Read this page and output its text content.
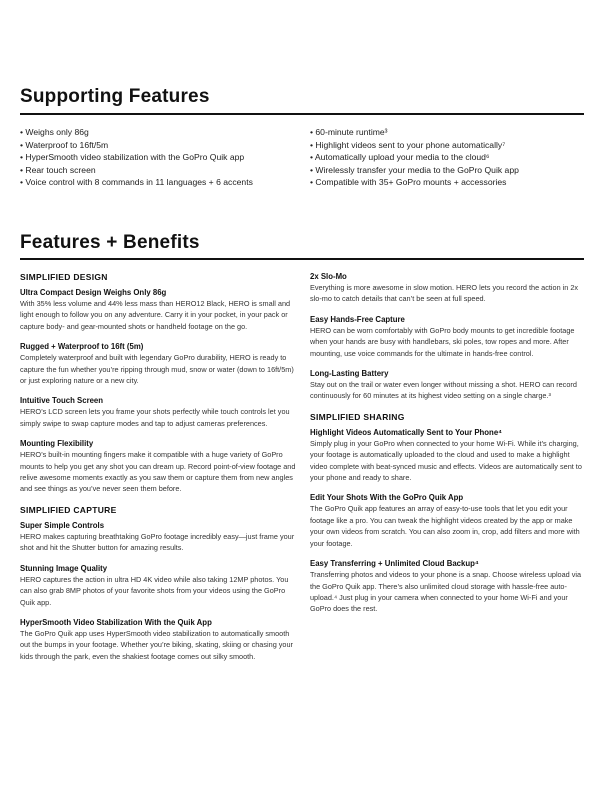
Supporting Features
• Weighs only 86g
• Waterproof to 16ft/5m
• HyperSmooth video stabilization with the GoPro Quik app
• Rear touch screen
• Voice control with 8 commands in 11 languages + 6 accents
• 60-minute runtime³
• Highlight videos sent to your phone automatically⁷
• Automatically upload your media to the cloud⁶
• Wirelessly transfer your media to the GoPro Quik app
• Compatible with 35+ GoPro mounts + accessories
Features + Benefits
SIMPLIFIED DESIGN
Ultra Compact Design Weighs Only 86g

With 35% less volume and 44% less mass than HERO12 Black, HERO is small and light enough to follow you on any adventure. Carry it in your pocket, in your pack or capture body- and gear-mounted shots or handheld footage on the go.

Rugged + Waterproof to 16ft (5m)

Completely waterproof and built with legendary GoPro durability, HERO is ready to capture the fun whether you’re ripping through mud, snow or water (down to 16ft/5m) or just exploring nature or a new city.

Intuitive Touch Screen

HERO’s LCD screen lets you frame your shots perfectly while touch controls let you simply swipe to swap capture modes and tap to adjust cameras preferences.

Mounting Flexibility

HERO’s built-in mounting fingers make it compatible with a huge variety of GoPro mounts to help you get any shot you can dream up. Record point-of-view footage and relive awesome moments exactly as you saw them or capture them from new angles and see things as you’ve never seen them before.

SIMPLIFIED CAPTURE
Super Simple Controls

HERO makes capturing breathtaking GoPro footage incredibly easy—just frame your shot and hit the Shutter button for amazing results.

Stunning Image Quality

HERO captures the action in ultra HD 4K video while also taking 12MP photos. You can also grab 8MP photos of your favorite shots from your videos using the GoPro Quik app.

HyperSmooth Video Stabilization With the Quik App

The GoPro Quik app uses HyperSmooth video stabilization to automatically smooth out the bumps in your footage. Whether you’re biking, skating, skiing or chasing your kids through the park, even the shakiest footage comes out silky smooth.

2x Slo-Mo

Everything is more awesome in slow motion. HERO lets you record the action in 2x slo-mo to catch details that can’t be seen at full speed.

Easy Hands-Free Capture

HERO can be worn comfortably with GoPro body mounts to get incredible footage when your hands are busy with handlebars, ski poles, tow ropes and more. After mounting, use voice commands for the ultimate in hands-free control.

Long-Lasting Battery

Stay out on the trail or water even longer without missing a shot. HERO can record continuously for 60 minutes at its highest video setting on a single charge.³

SIMPLIFIED SHARING
Highlight Videos Automatically Sent to Your Phone⁴

Simply plug in your GoPro when connected to your home Wi-Fi. While it’s charging, your footage is automatically uploaded to the cloud and used to make a highlight video complete with beat-synced music and effects. Videos are automatically sent to your phone and ready to share.

Edit Your Shots With the GoPro Quik App

The GoPro Quik app features an array of easy-to-use tools that let you edit your footage like a pro. You can tweak the highlight videos created by the app or make your own videos from scratch. You can also zoom in, crop, add filters and more with your footage.

Easy Transferring + Unlimited Cloud Backup⁴

Transferring photos and videos to your phone is a snap. Choose wireless upload via the GoPro Quik app. There’s also unlimited cloud storage with hassle-free auto-upload.⁴ Just plug in your camera when connected to your home Wi-Fi and your GoPro does the rest.
